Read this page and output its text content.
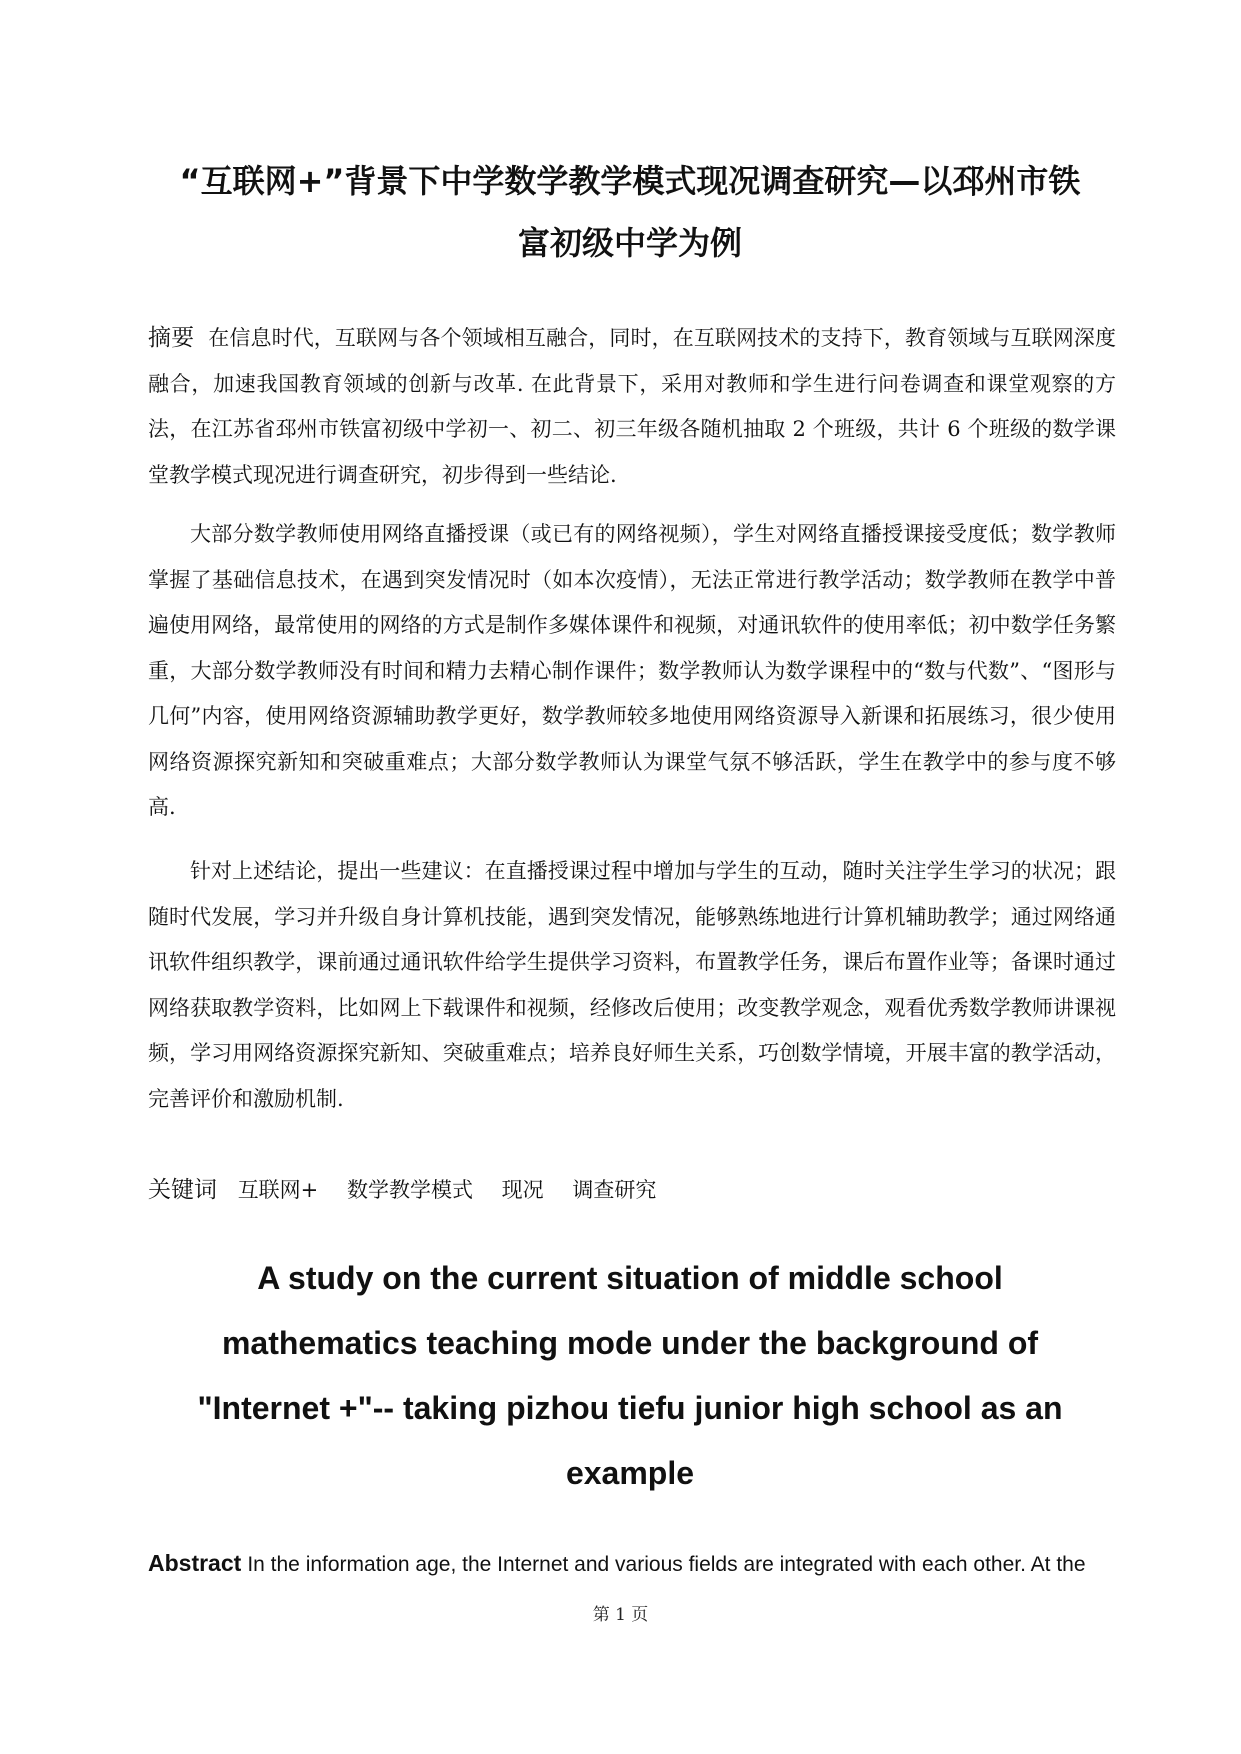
“互联网+”背景下中学数学教学模式现况调查研究—以邳州市铁
富初级中学为例

摘要 在信息时代，互联网与各个领域相互融合，同时，在互联网技术的支持下，教育领域与互联网深度融合，加速我国教育领域的创新与改革. 在此背景下，采用对教师和学生进行问卷调查和课堂观察的方法，在江苏省邳州市铁富初级中学初一、初二、初三年级各随机抽取 2 个班级，共计 6 个班级的数学课堂教学模式现况进行调查研究，初步得到一些结论.

大部分数学教师使用网络直播授课（或已有的网络视频），学生对网络直播授课接受度低；数学教师掌握了基础信息技术，在遇到突发情况时（如本次疫情），无法正常进行教学活动；数学教师在教学中普遍使用网络，最常使用的网络的方式是制作多媒体课件和视频，对通讯软件的使用率低；初中数学任务繁重，大部分数学教师没有时间和精力去精心制作课件；数学教师认为数学课程中的“数与代数”、“图形与几何”内容，使用网络资源辅助教学更好，数学教师较多地使用网络资源导入新课和拓展练习，很少使用网络资源探究新知和突破重难点；大部分数学教师认为课堂气氛不够活跃，学生在教学中的参与度不够高.

针对上述结论，提出一些建议：在直播授课过程中增加与学生的互动，随时关注学生学习的状况；跟随时代发展，学习并升级自身计算机技能，遇到突发情况，能够熟练地进行计算机辅助教学；通过网络通讯软件组织教学，课前通过通讯软件给学生提供学习资料，布置教学任务，课后布置作业等；备课时通过网络获取教学资料，比如网上下载课件和视频，经修改后使用；改变教学观念，观看优秀数学教师讲课视频，学习用网络资源探究新知、突破重难点；培养良好师生关系，巧创数学情境，开展丰富的教学活动，完善评价和激励机制.

关键词 互联网+ 数学教学模式 现况 调查研究
A study on the current situation of middle school
mathematics teaching mode under the background of
"Internet +"-- taking pizhou tiefu junior high school as an
example
Abstract In the information age, the Internet and various fields are integrated with each other. At the
第 1 页
